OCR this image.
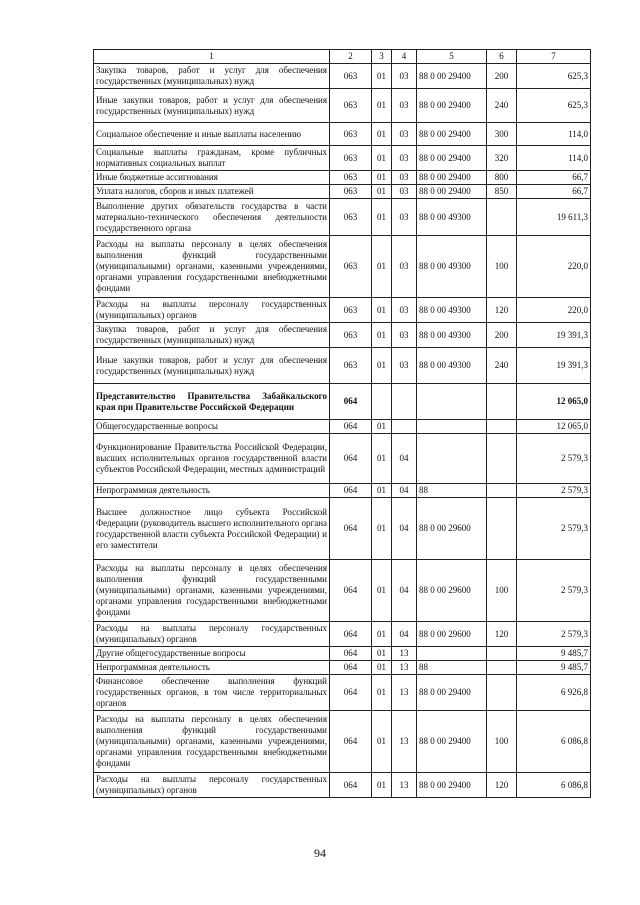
1	2	3	4	5	6	7
Закупка товаров, работ и услуг для обеспечения государственных (муниципальных) нужд	063	01	03	88 0 00 29400	200	625,3
Иные закупки товаров, работ и услуг для обеспечения государственных (муниципальных) нужд	063	01	03	88 0 00 29400	240	625,3
Социальное обеспечение и иные выплаты населению	063	01	03	88 0 00 29400	300	114,0
Социальные выплаты гражданам, кроме публичных нормативных социальных выплат	063	01	03	88 0 00 29400	320	114,0
Иные бюджетные ассигнования	063	01	03	88 0 00 29400	800	66,7
Уплата налогов, сборов и иных платежей	063	01	03	88 0 00 29400	850	66,7
Выполнение других обязательств государства в части материально-технического обеспечения деятельности государственного органа	063	01	03	88 0 00 49300		19 611,3
Расходы на выплаты персоналу в целях обеспечения выполнения функций государственными (муниципальными) органами, казенными учреждениями, органами управления государственными внебюджетными фондами	063	01	03	88 0 00 49300	100	220,0
Расходы на выплаты персоналу государственных (муниципальных) органов	063	01	03	88 0 00 49300	120	220,0
Закупка товаров, работ и услуг для обеспечения государственных (муниципальных) нужд	063	01	03	88 0 00 49300	200	19 391,3
Иные закупки товаров, работ и услуг для обеспечения государственных (муниципальных) нужд	063	01	03	88 0 00 49300	240	19 391,3
Представительство Правительства Забайкальского края при Правительстве Российской Федерации	064					12 065,0
Общегосударственные вопросы	064	01				12 065,0
Функционирование Правительства Российской Федерации, высших исполнительных органов государственной власти субъектов Российской Федерации, местных администраций	064	01	04			2 579,3
Непрограммная деятельность	064	01	04	88		2 579,3
Высшее должностное лицо субъекта Российской Федерации (руководитель высшего исполнительного органа государственной власти субъекта Российской Федерации) и его заместители	064	01	04	88 0 00 29600		2 579,3
Расходы на выплаты персоналу в целях обеспечения выполнения функций государственными (муниципальными) органами, казенными учреждениями, органами управления государственными внебюджетными фондами	064	01	04	88 0 00 29600	100	2 579,3
Расходы на выплаты персоналу государственных (муниципальных) органов	064	01	04	88 0 00 29600	120	2 579,3
Другие общегосударственные вопросы	064	01	13			9 485,7
Непрограммная деятельность	064	01	13	88		9 485,7
Финансовое обеспечение выполнения функций государственных органов, в том числе территориальных органов	064	01	13	88 0 00 29400		6 926,8
Расходы на выплаты персоналу в целях обеспечения выполнения функций государственными (муниципальными) органами, казенными учреждениями, органами управления государственными внебюджетными фондами	064	01	13	88 0 00 29400	100	6 086,8
Расходы на выплаты персоналу государственных (муниципальных) органов	064	01	13	88 0 00 29400	120	6 086,8
94
